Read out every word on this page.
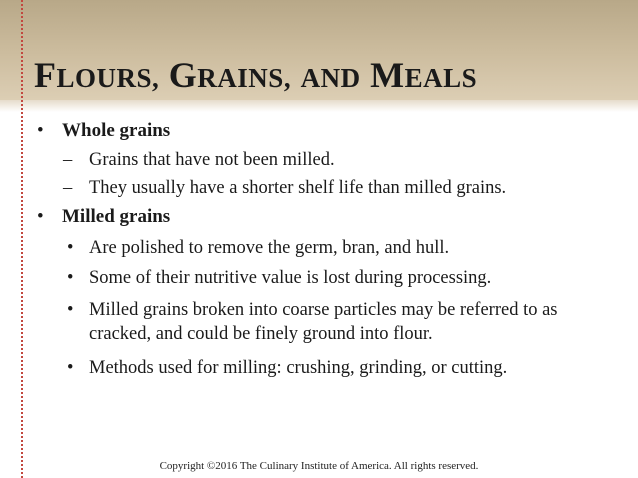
FLOURS, GRAINS, AND MEALS
• Whole grains
– Grains that have not been milled.
– They usually have a shorter shelf life than milled grains.
• Milled grains
• Are polished to remove the germ, bran, and hull.
• Some of their nutritive value is lost during processing.
• Milled grains broken into coarse particles may be referred to as cracked, and could be finely ground into flour.
• Methods used for milling: crushing, grinding, or cutting.
Copyright ©2016 The Culinary Institute of America. All rights reserved.
